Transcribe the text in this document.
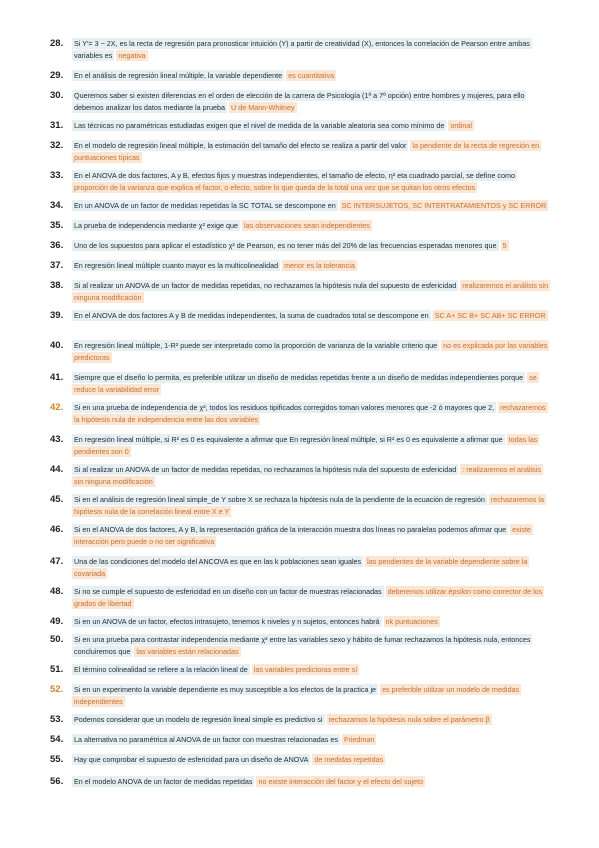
28.	Si Y′= 3 − 2X, es la recta de regresión para pronosticar intuición (Y) a partir de creatividad (X), entonces la correlación de Pearson entre ambas variables es negativa
29.	En el análisis de regresión lineal múltiple, la variable dependiente es cuantitativa
30.	Queremos saber si existen diferencias en el orden de elección de la carrera de Psicología (1ª a 7ª opción) entre hombres y mujeres, para ello debemos analizar los datos mediante la prueba U de Mann-Whitney
31.	Las técnicas no paramétricas estudiadas exigen que el nivel de medida de la variable aleatoria sea como mínimo de ordinal
32.	En el modelo de regresión lineal múltiple, la estimación del tamaño del efecto se realiza a partir del valor la pendiente de la recta de regresión en puntuaciones típicas
33.	En el ANOVA de dos factores, A y B, efectos fijos y muestras independientes, el tamaño de efecto, η² eta cuadrado parcial, se define como proporción de la varianza que explica el factor, o efecto, sobre lo que queda de la total una vez que se quitan los otros efectos
34.	En un ANOVA de un factor de medidas repetidas la SC TOTAL se descompone en SC INTERSUJETOS, SC INTERTRATAMIENTOS y SC ERROR
35.	La prueba de independencia mediante χ² exige que las observaciones sean independientes
36.	Uno de los supuestos para aplicar el estadístico χ² de Pearson, es no tener más del 20% de las frecuencias esperadas menores que 5
37.	En regresión lineal múltiple cuanto mayor es la multicolinealidad menor es la tolerancia
38.	Si al realizar un ANOVA de un factor de medidas repetidas, no rechazamos la hipótesis nula del supuesto de esfericidad realizaremos el análisis sin ninguna modificación
39.	En el ANOVA de dos factores A y B de medidas independientes, la suma de cuadrados total se descompone en SC A+ SC B+ SC AB+ SC ERROR
40.	En regresión lineal múltiple, 1-R² puede ser interpretado como la proporción de varianza de la variable criterio que no es explicada por las variables predictoras
41.	Siempre que el diseño lo permita, es preferible utilizar un diseño de medidas repetidas frente a un diseño de medidas independientes porque se reduce la variabilidad error
42.	Si en una prueba de independencia de χ², todos los residuos tipificados corregidos toman valores menores que -2 ó mayores que 2, rechazaremos la hipótesis nula de independencia entre las dos variables
43.	En regresión lineal múltiple, si R² es 0 es equivalente a afirmar que En regresión lineal múltiple, si R² es 0 es equivalente a afirmar que todas las pendientes son 0
44.	Si al realizar un ANOVA de un factor de medidas repetidas, no rechazamos la hipótesis nula del supuesto de esfericidad : realizaremos el análisis sin ninguna modificación
45.	Si en el análisis de regresión lineal simple_de Y sobre X se rechaza la hipótesis nula de la pendiente de la ecuación de regresión rechazaremos la hipótesis nula de la correlación lineal entre X e Y
46.	Si en el ANOVA de dos factores, A y B, la representación gráfica de la interacción muestra dos líneas no paralelas podemos afirmar que existe interacción pero puede o no ser significativa
47.	Una de las condiciones del modelo del ANCOVA es que en las k poblaciones sean iguales las pendientes de la variable dependiente sobre la covariada
48.	Si no se cumple el supuesto de esfericidad en un diseño con un factor de muestras relacionadas deberemos utilizar épsilon como corrector de los grados de libertad
49.	Si en un ANOVA de un factor, efectos intrasujeto, tenemos k niveles y n sujetos, entonces habrá nk puntuaciones
50.	Si en una prueba para contrastar independencia mediante χ² entre las variables sexo y hábito de fumar rechazamos la hipótesis nula, entonces concluiremos que las variables están relacionadas
51.	El término colinealidad se refiere a la relación lineal de las variables predictoras entre sí
52.	Si en un experimento la variable dependiente es muy susceptible a los efectos de la practica je es preferible utilizar un modelo de medidas independientes
53.	Podemos considerar que un modelo de regresión lineal simple es predictivo si rechazamos la hipótesis nula sobre el parámetro β
54.	La alternativa no paramétrica al ANOVA de un factor con muestras relacionadas es Friedman
55.	Hay que comprobar el supuesto de esfericidad para un diseño de ANOVA de medidas repetidas
56.	En el modelo ANOVA de un factor de medidas repetidas no existe interacción del factor y el efecto del sujeto
